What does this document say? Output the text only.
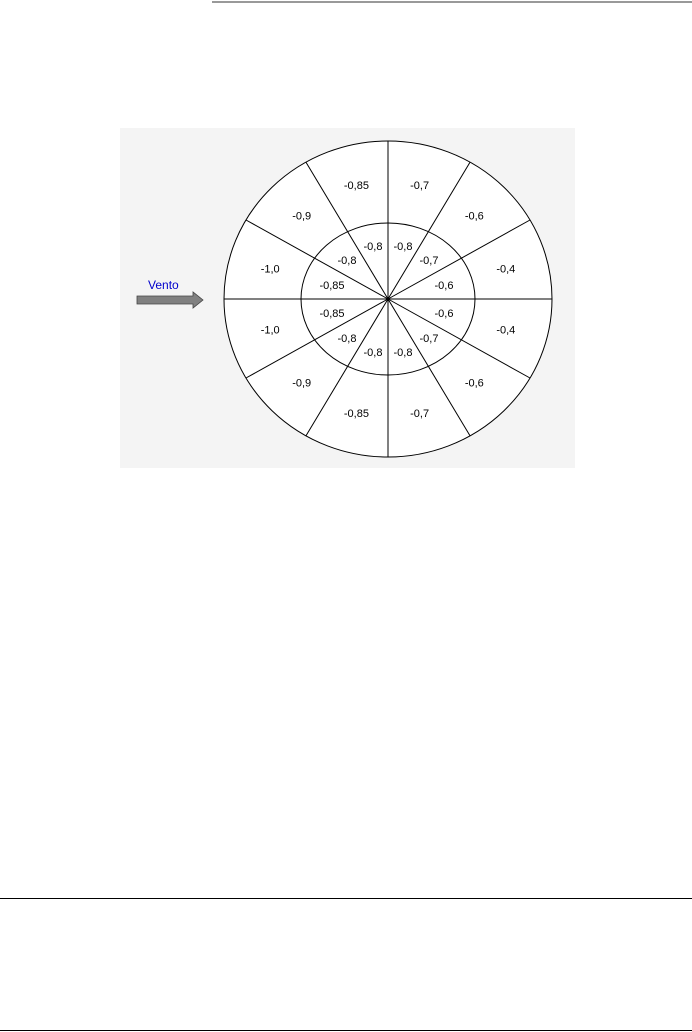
-0,7
-0,6
-0,4
-0,4
-0,6
-0,7
-0,85
-0,9
-1,0
-1,0
-0,9
-0,85
-0,8
-0,7
-0,6
-0,6
-0,7
-0,8
-0,8
-0,8
-0,85
-0,85
-0,8
-0,8
Vento
